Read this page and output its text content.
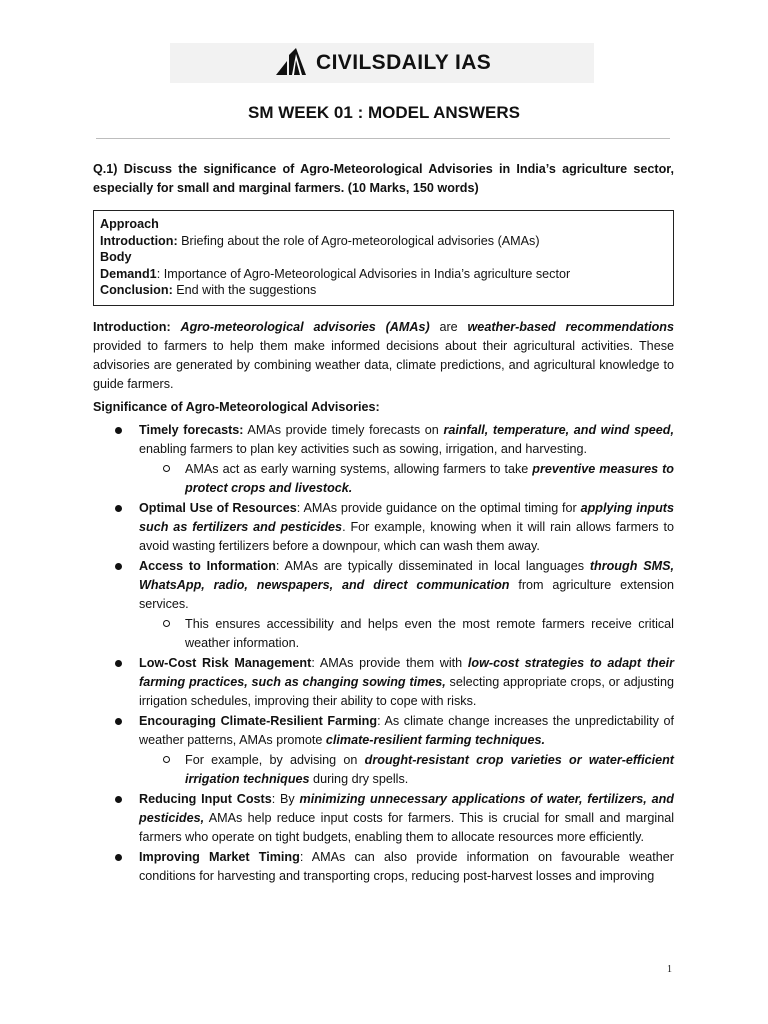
CIVILSDAILY IAS
SM WEEK 01 : MODEL ANSWERS
Q.1) Discuss the significance of Agro-Meteorological Advisories in India’s agriculture sector, especially for small and marginal farmers. (10 Marks, 150 words)
Approach
Introduction: Briefing about the role of Agro-meteorological advisories (AMAs)
Body
Demand1: Importance of Agro-Meteorological Advisories in India’s agriculture sector
Conclusion: End with the suggestions

Introduction: Agro-meteorological advisories (AMAs) are weather-based recommendations provided to farmers to help them make informed decisions about their agricultural activities. These advisories are generated by combining weather data, climate predictions, and agricultural knowledge to guide farmers.

Significance of Agro-Meteorological Advisories:

Timely forecasts: AMAs provide timely forecasts on rainfall, temperature, and wind speed, enabling farmers to plan key activities such as sowing, irrigation, and harvesting.
AMAs act as early warning systems, allowing farmers to take preventive measures to protect crops and livestock.
Optimal Use of Resources: AMAs provide guidance on the optimal timing for applying inputs such as fertilizers and pesticides. For example, knowing when it will rain allows farmers to avoid wasting fertilizers before a downpour, which can wash them away.
Access to Information: AMAs are typically disseminated in local languages through SMS, WhatsApp, radio, newspapers, and direct communication from agriculture extension services.
This ensures accessibility and helps even the most remote farmers receive critical weather information.
Low-Cost Risk Management: AMAs provide them with low-cost strategies to adapt their farming practices, such as changing sowing times, selecting appropriate crops, or adjusting irrigation schedules, improving their ability to cope with risks.
Encouraging Climate-Resilient Farming: As climate change increases the unpredictability of weather patterns, AMAs promote climate-resilient farming techniques.
For example, by advising on drought-resistant crop varieties or water-efficient irrigation techniques during dry spells.
Reducing Input Costs: By minimizing unnecessary applications of water, fertilizers, and pesticides, AMAs help reduce input costs for farmers. This is crucial for small and marginal farmers who operate on tight budgets, enabling them to allocate resources more efficiently.
Improving Market Timing: AMAs can also provide information on favourable weather conditions for harvesting and transporting crops, reducing post-harvest losses and improving
1
